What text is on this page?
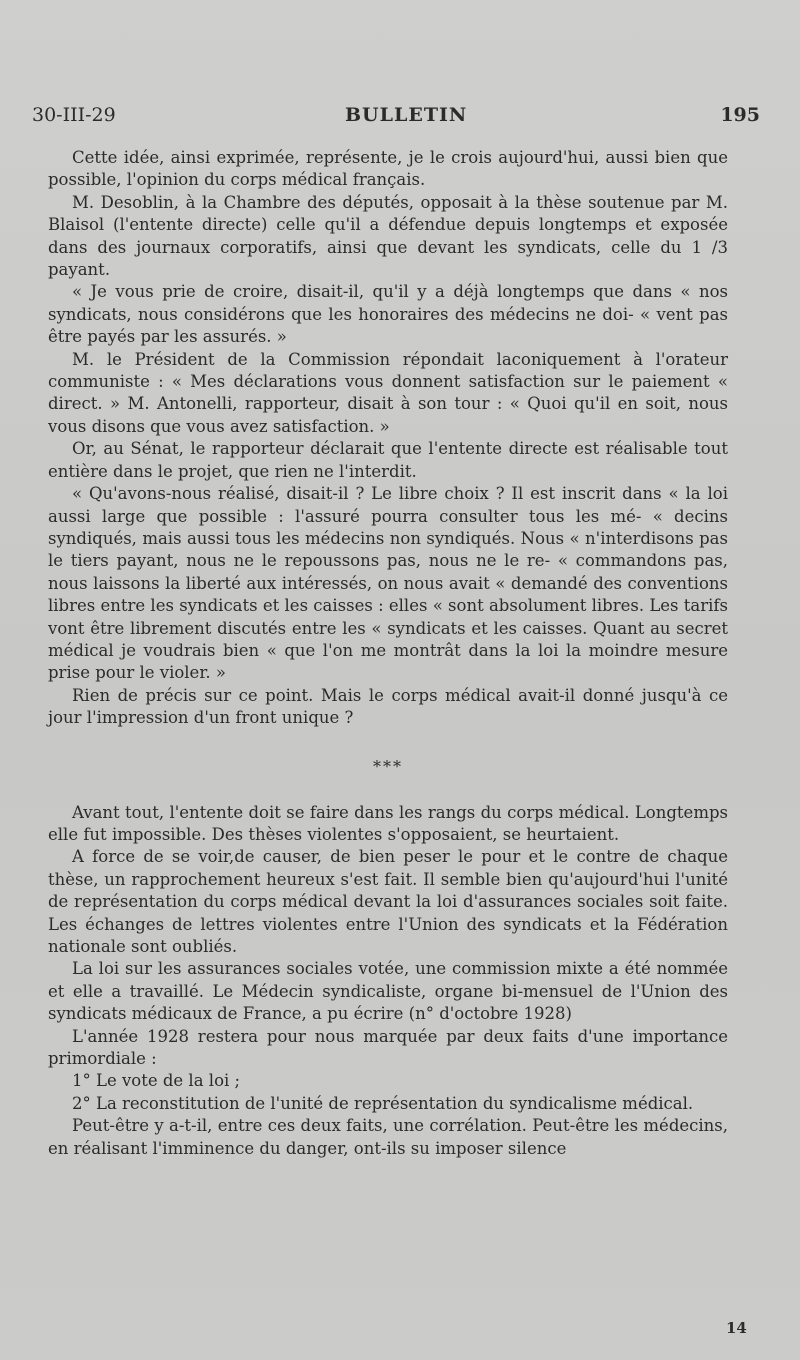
30-III-29	BULLETIN	195

Cette idée, ainsi exprimée, représente, je le crois aujourd'hui, aussi bien que possible, l'opinion du corps médical français.

M. Desoblin, à la Chambre des députés, opposait à la thèse soutenue par M. Blaisol (l'entente directe) celle qu'il a défendue depuis longtemps et exposée dans des journaux corporatifs, ainsi que devant les syndicats, celle du 1 /3 payant.

« Je vous prie de croire, disait-il, qu'il y a déjà longtemps que dans « nos syndicats, nous considérons que les honoraires des médecins ne doi- « vent pas être payés par les assurés. »

M. le Président de la Commission répondait laconiquement à l'orateur communiste : « Mes déclarations vous donnent satisfaction sur le paiement « direct. » M. Antonelli, rapporteur, disait à son tour : « Quoi qu'il en soit, nous vous disons que vous avez satisfaction. »

Or, au Sénat, le rapporteur déclarait que l'entente directe est réalisable tout entière dans le projet, que rien ne l'interdit.

« Qu'avons-nous réalisé, disait-il ? Le libre choix ? Il est inscrit dans « la loi aussi large que possible : l'assuré pourra consulter tous les mé- « decins syndiqués, mais aussi tous les médecins non syndiqués. Nous « n'interdisons pas le tiers payant, nous ne le repoussons pas, nous ne le re- « commandons pas, nous laissons la liberté aux intéressés, on nous avait « demandé des conventions libres entre les syndicats et les caisses : elles « sont absolument libres. Les tarifs vont être librement discutés entre les « syndicats et les caisses. Quant au secret médical je voudrais bien « que l'on me montrât dans la loi la moindre mesure prise pour le violer. »

Rien de précis sur ce point. Mais le corps médical avait-il donné jusqu'à ce jour l'impression d'un front unique ?

***

Avant tout, l'entente doit se faire dans les rangs du corps médical. Longtemps elle fut impossible. Des thèses violentes s'opposaient, se heurtaient.

A force de se voir,de causer, de bien peser le pour et le contre de chaque thèse, un rapprochement heureux s'est fait. Il semble bien qu'aujourd'hui l'unité de représentation du corps médical devant la loi d'assurances sociales soit faite. Les échanges de lettres violentes entre l'Union des syndicats et la Fédération nationale sont oubliés.

La loi sur les assurances sociales votée, une commission mixte a été nommée et elle a travaillé. Le Médecin syndicaliste, organe bi-mensuel de l'Union des syndicats médicaux de France, a pu écrire (n° d'octobre 1928)

L'année 1928 restera pour nous marquée par deux faits d'une importance primordiale :

1° Le vote de la loi ;

2° La reconstitution de l'unité de représentation du syndicalisme médical.

Peut-être y a-t-il, entre ces deux faits, une corrélation. Peut-être les médecins, en réalisant l'imminence du danger, ont-ils su imposer silence

14
